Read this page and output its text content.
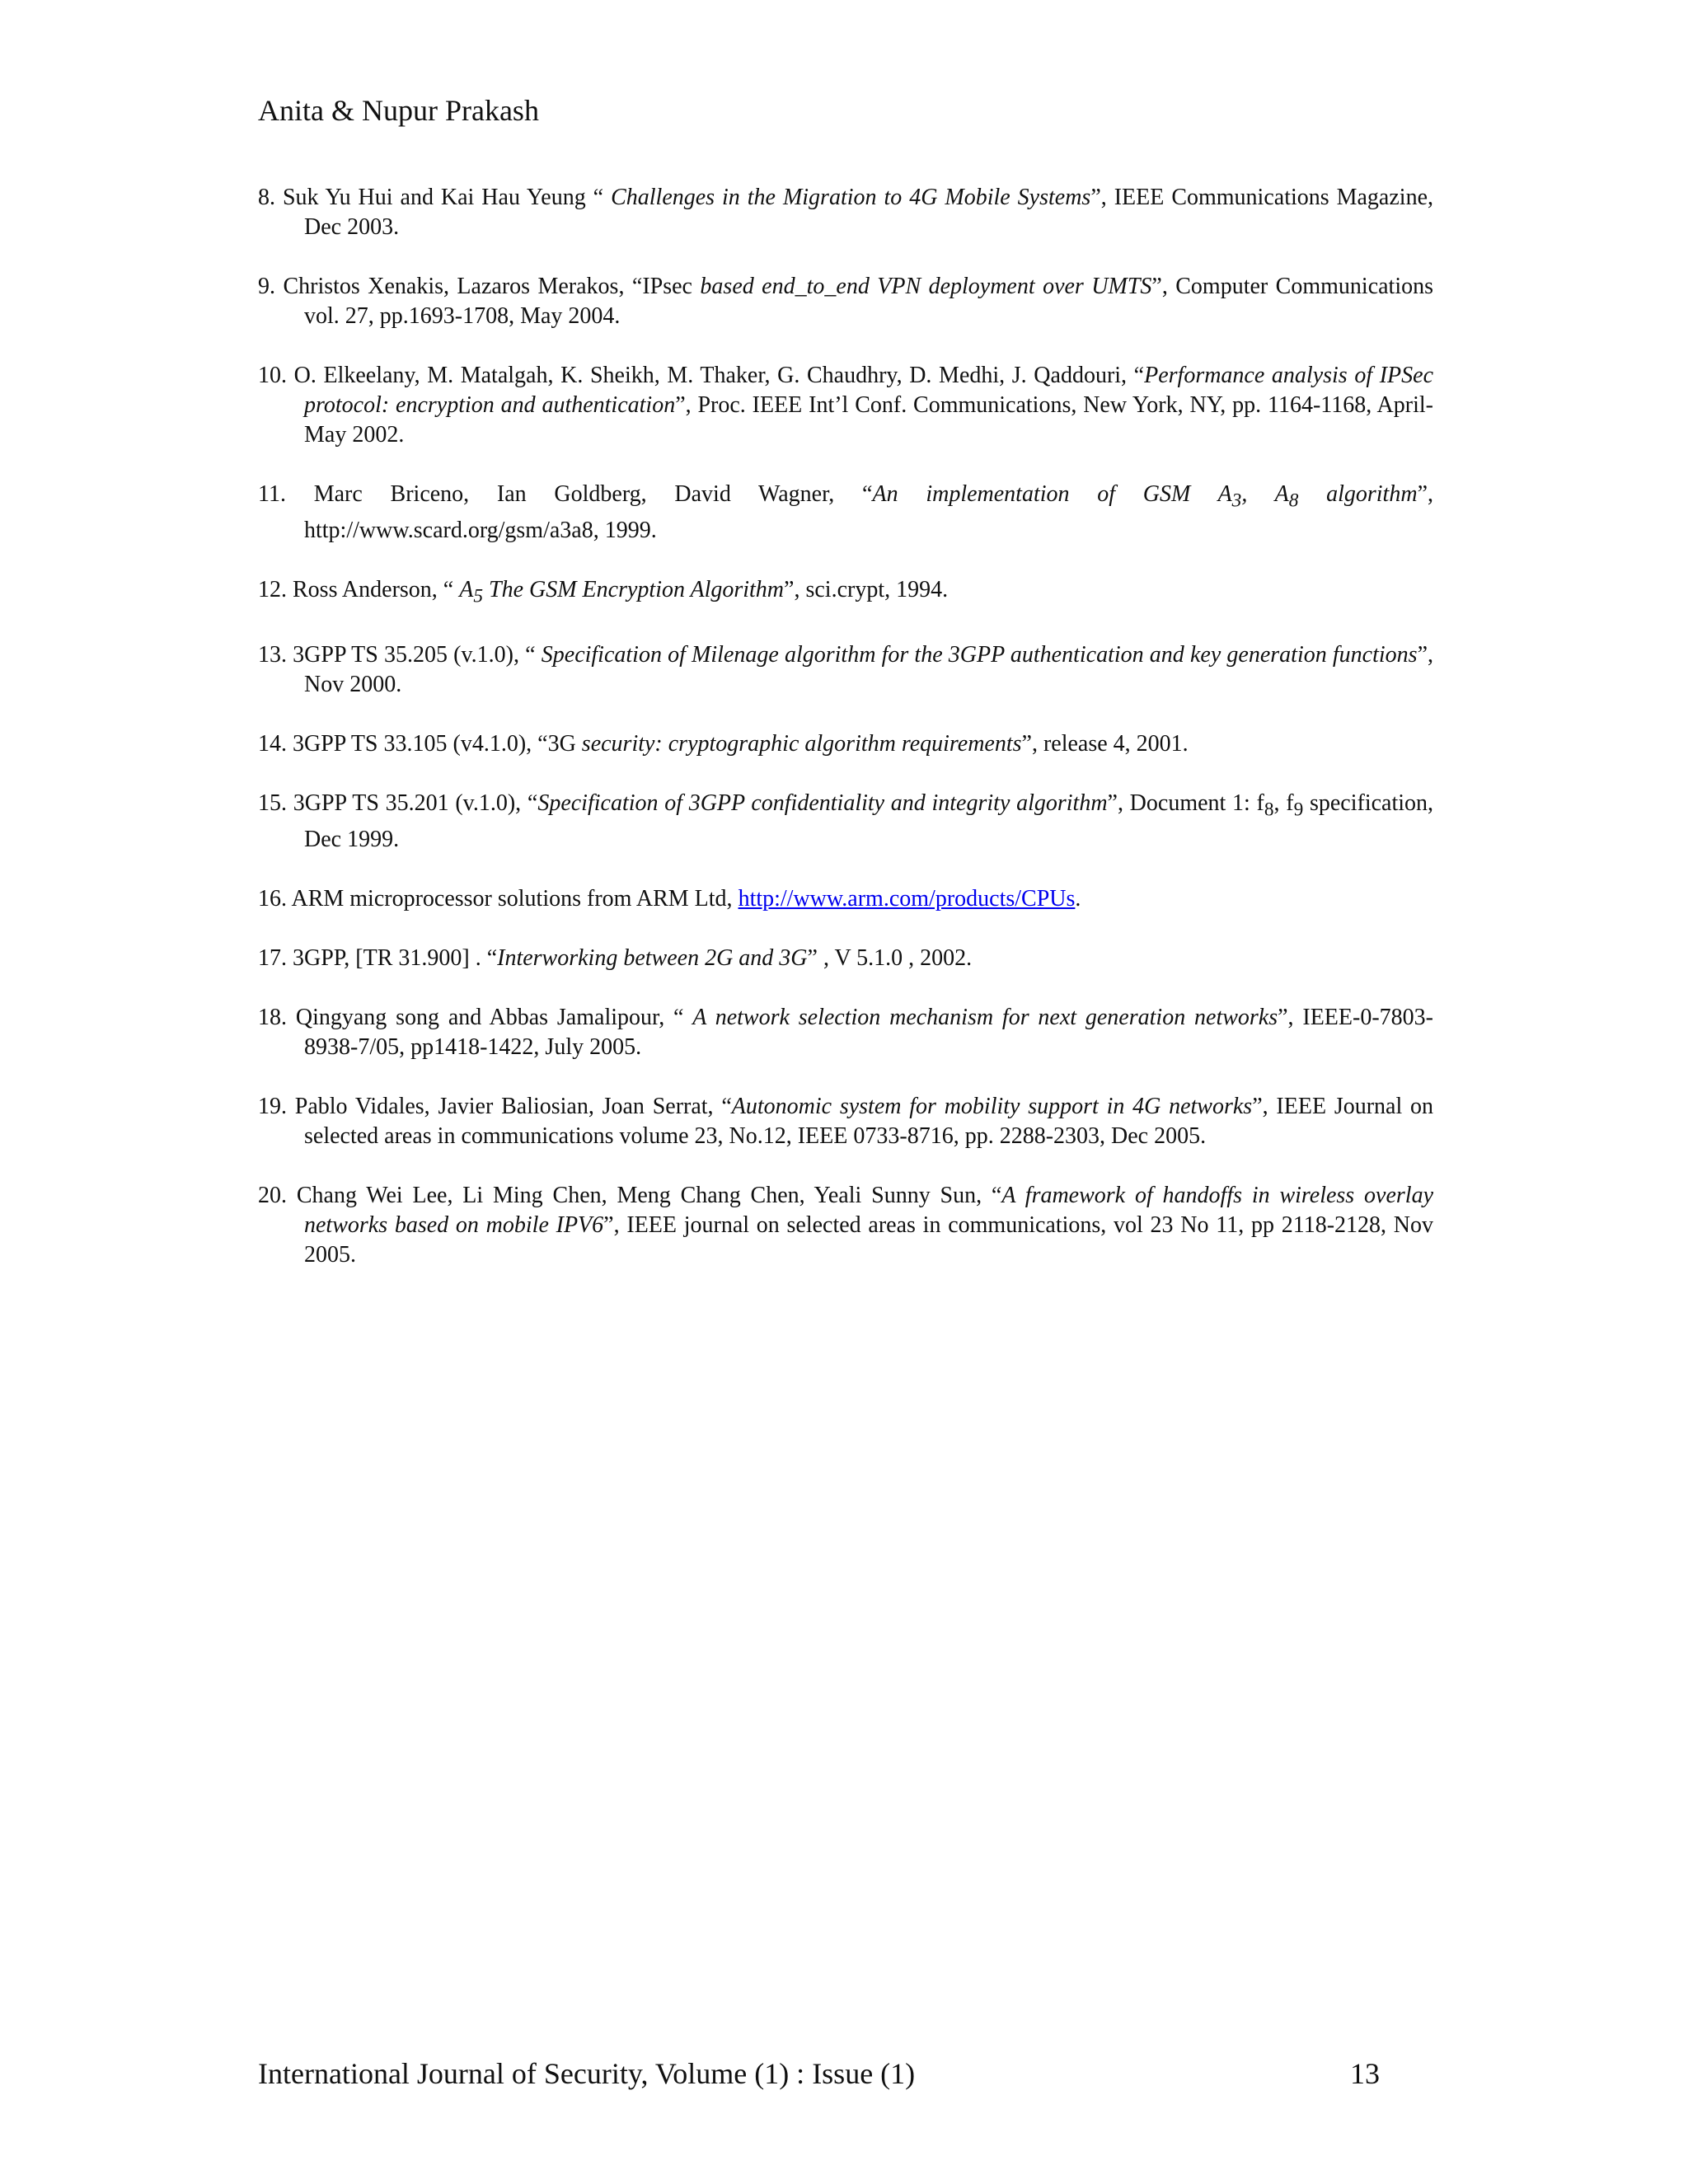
Anita & Nupur Prakash

8. Suk Yu Hui and Kai Hau Yeung “ Challenges in the Migration to 4G Mobile Systems”, IEEE Communications Magazine, Dec 2003.

9. Christos Xenakis, Lazaros Merakos, “IPsec based end_to_end VPN deployment over UMTS”, Computer Communications vol. 27, pp.1693-1708, May 2004.

10. O. Elkeelany, M. Matalgah, K. Sheikh, M. Thaker, G. Chaudhry, D. Medhi, J. Qaddouri, “Performance analysis of IPSec protocol: encryption and authentication”, Proc. IEEE Int’l Conf. Communications, New York, NY, pp. 1164-1168, April-May 2002.

11. Marc Briceno, Ian Goldberg, David Wagner, “An implementation of GSM $A_3$, $A_8$ algorithm”, http://www.scard.org/gsm/a3a8, 1999.

12. Ross Anderson, “ $A_5$ The GSM Encryption Algorithm”, sci.crypt, 1994.

13. 3GPP TS 35.205 (v.1.0), “ Specification of Milenage algorithm for the 3GPP authentication and key generation functions”, Nov 2000.

14. 3GPP TS 33.105 (v4.1.0), “3G security: cryptographic algorithm requirements”, release 4, 2001.

15. 3GPP TS 35.201 (v.1.0), “Specification of 3GPP confidentiality and integrity algorithm”, Document 1: $f_8$, $f_9$ specification, Dec 1999.

16. ARM microprocessor solutions from ARM Ltd, http://www.arm.com/products/CPUs.

17. 3GPP, [TR 31.900] . “Interworking between 2G and 3G” , V 5.1.0 , 2002.

18. Qingyang song and Abbas Jamalipour, “ A network selection mechanism for next generation networks”, IEEE-0-7803-8938-7/05, pp1418-1422, July 2005.

19. Pablo Vidales, Javier Baliosian, Joan Serrat, “Autonomic system for mobility support in 4G networks”, IEEE Journal on selected areas in communications volume 23, No.12, IEEE 0733-8716, pp. 2288-2303, Dec 2005.

20. Chang Wei Lee, Li Ming Chen, Meng Chang Chen, Yeali Sunny Sun, “A framework of handoffs in wireless overlay networks based on mobile IPV6”, IEEE journal on selected areas in communications, vol 23 No 11, pp 2118-2128, Nov 2005.

International Journal of Security, Volume (1) : Issue (1)	13
